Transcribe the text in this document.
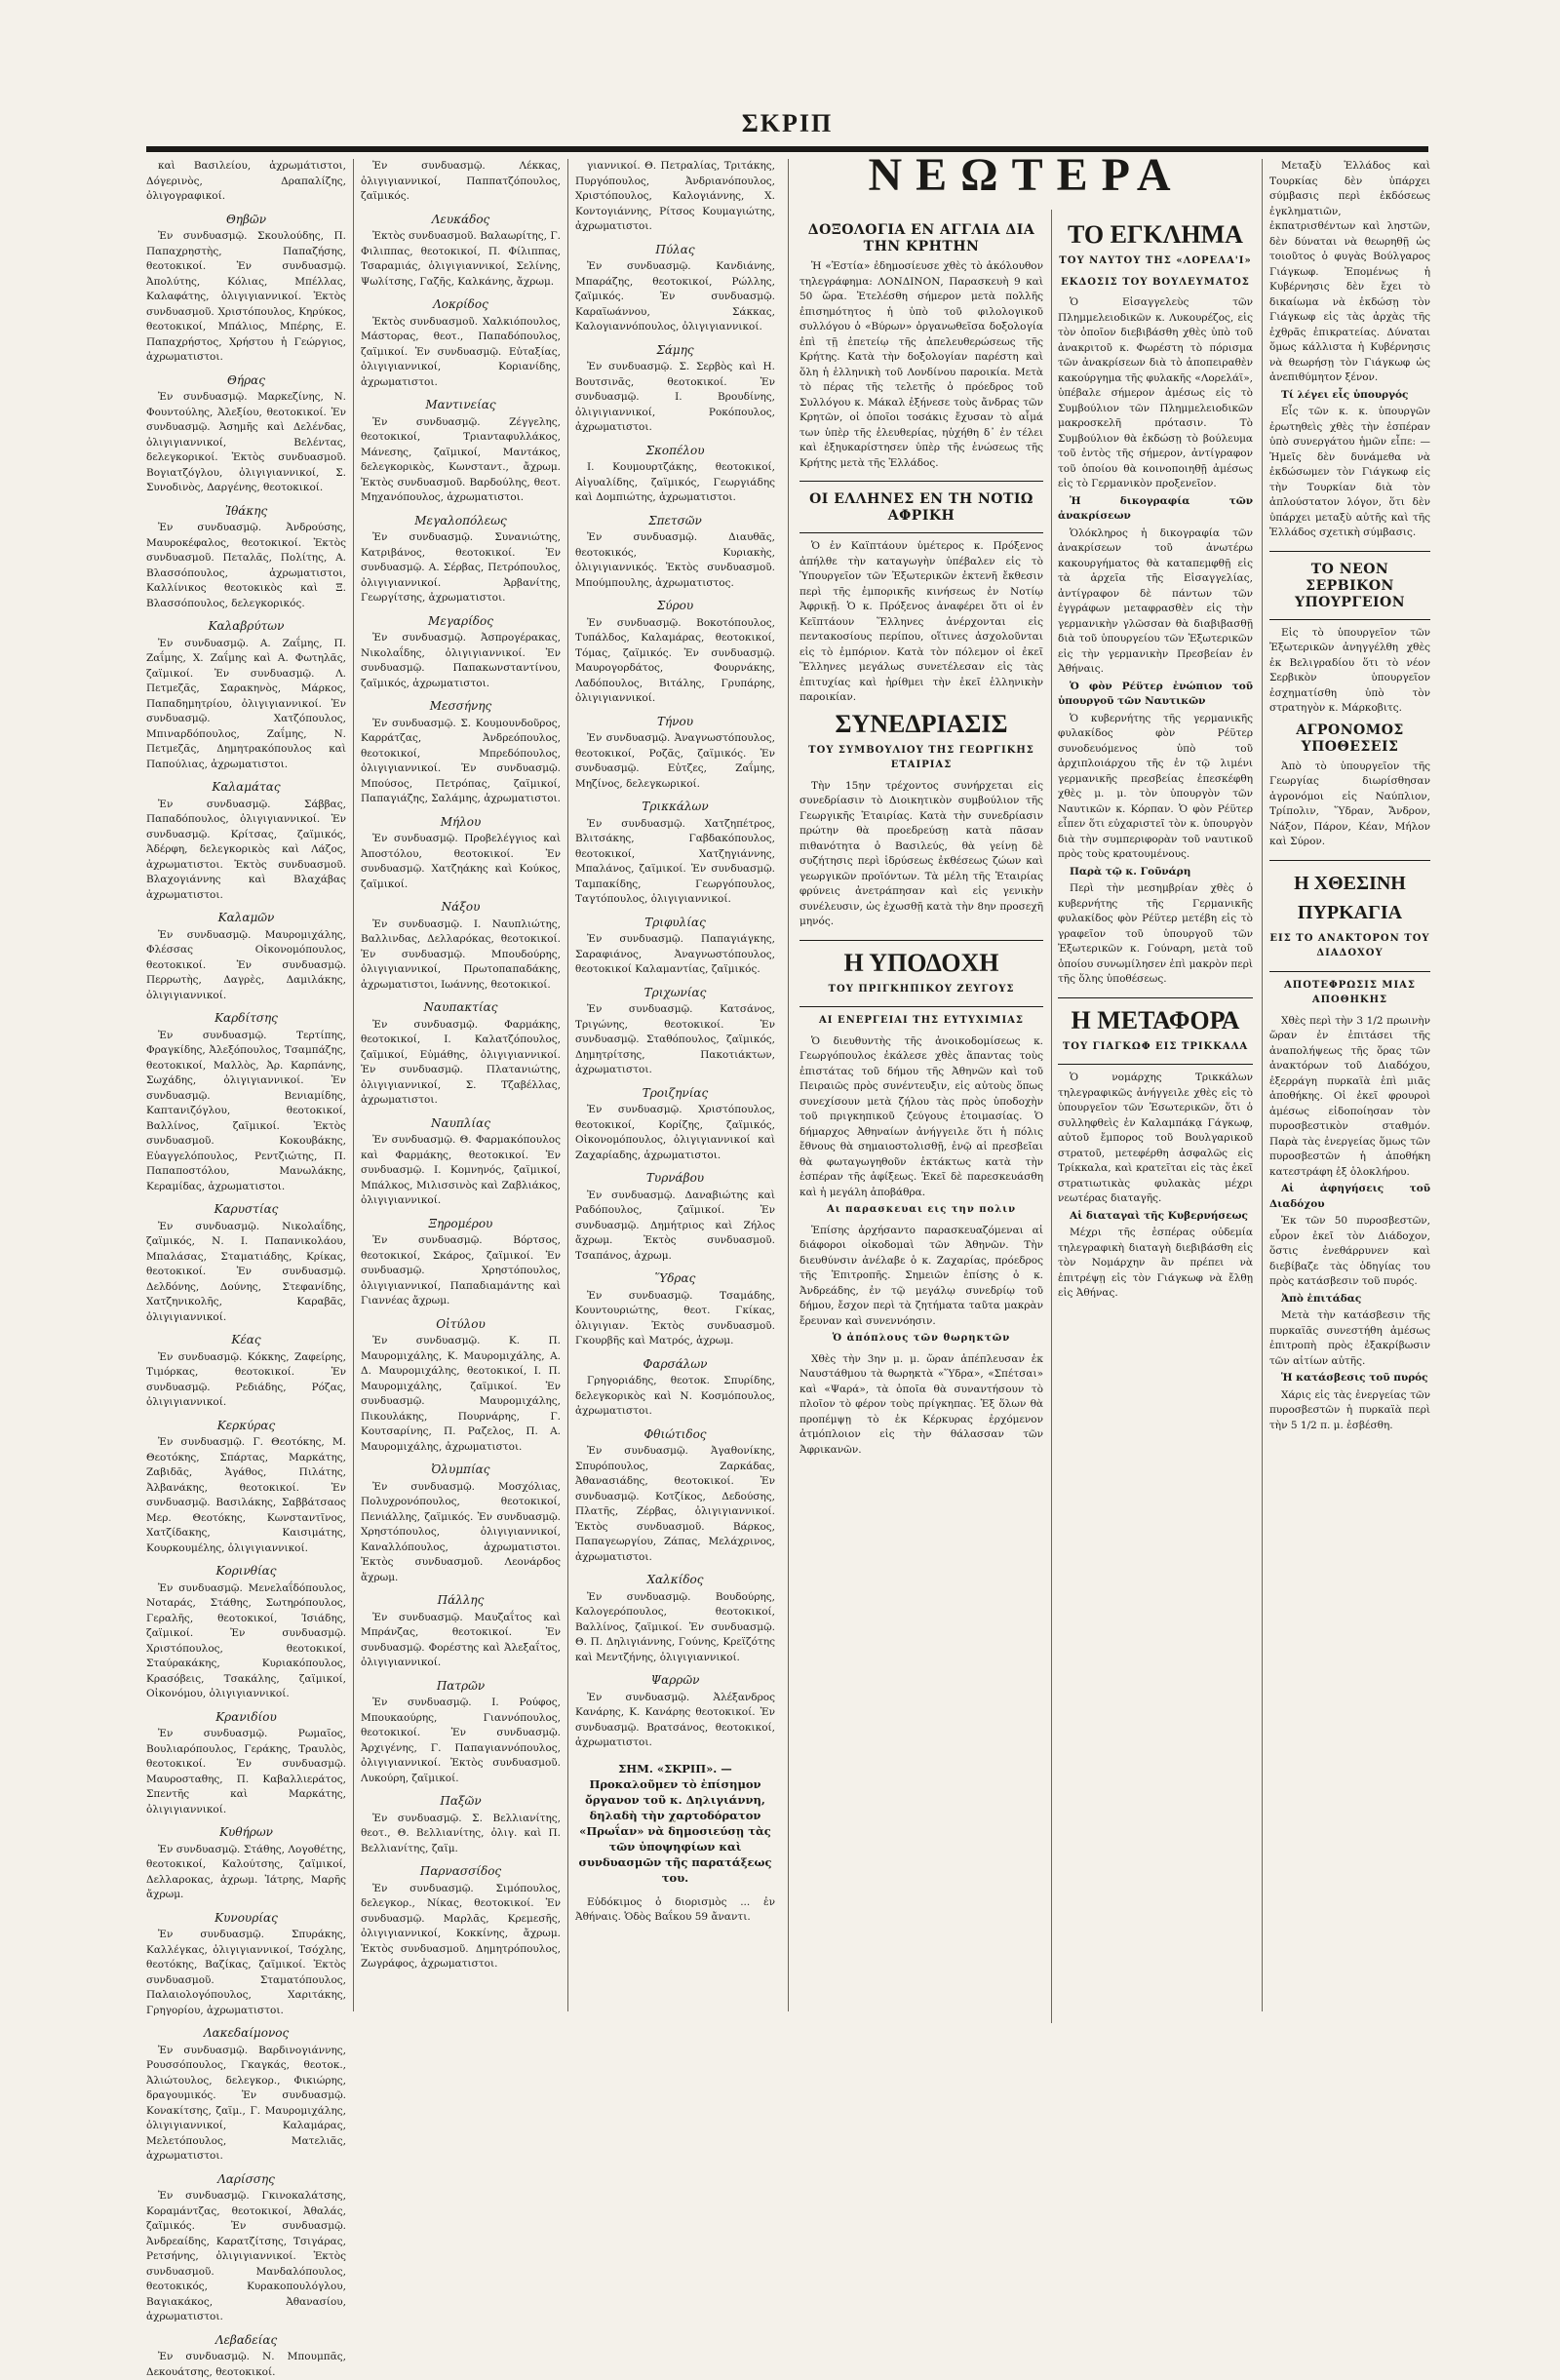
ΣΚΡΙΠ
καὶ Βασιλείου, ἀχρωμάτιστοι, Δόγερινὸς, Δραπαλίζης, ὀλιγογραφικοί.
Θηβῶν
Ἐν συνδυασμῷ. Σκουλούδης, Π. Παπαχρηστὴς, Παπαζήσης, θεοτοκικοί. Ἐν συνδυασμῷ. Ἀπολύτης, Κόλιας, Μπέλλας, Καλαφάτης, ὀλιγιγιαννικοί. Ἐκτὸς συνδυασμοῦ. Χριστόπουλος, Κηρύκος, θεοτοκικοί, Μπάλιος, Μπέρης, Ε. Παπαχρήστος, Χρήστου ἡ Γεώργιος, ἀχρωματιστοι.
Θήρας
Ἐν συνδυασμῷ. Μαρκεζίνης, Ν. Φουντούλης, Ἀλεξίου, θεοτοκικοί. Ἐν συνδυασμῷ. Ἀσημῆς καὶ Δελένδας, ὀλιγιγιαννικοί, Βελέντας, δελεγκορικοί. Ἐκτὸς συνδυασμοῦ. Βογιατζόγλου, ὀλιγιγιαννικοί, Σ. Συνοδινὸς, Δαργένης, θεοτοκικοί.
Ἰθάκης
Ἐν συνδυασμῷ. Ἀνδρούσης, Μαυροκέφαλος, θεοτοκικοί. Ἐκτὸς συνδυασμοῦ. Πεταλᾶς, Πολίτης, Α. Βλασσόπουλος, ἀχρωματιστοι, Καλλίνικος θεοτοκικὸς καὶ Ξ. Βλασσόπουλος, δελεγκορικός.
Καλαβρύτων
Ἐν συνδυασμῷ. Α. Ζαΐμης, Π. Ζαΐμης, Χ. Ζαΐμης καὶ Α. Φωτηλᾶς, ζαϊμικοί. Ἐν συνδυασμῷ. Λ. Πετμεζᾶς, Σαρακηνὸς, Μάρκος, Παπαδημητρίου, ὀλιγιγιαννικοί. Ἐν συνδυασμῷ. Χατζόπουλος, Μπιναρδόπουλος, Ζαΐμης, Ν. Πετμεζᾶς, Δημητρακόπουλος καὶ Παπούλιας, ἀχρωματιστοι.
Καλαμάτας
Ἐν συνδυασμῷ. Σάββας, Παπαδόπουλος, ὀλιγιγιαννικοί. Ἐν συνδυασμῷ. Κρίτσας, ζαϊμικός, Ἀδέρφη, δελεγκορικὸς καὶ Λάζος, ἀχρωματιστοι. Ἐκτὸς συνδυασμοῦ. Βλαχογιάννης καὶ Βλαχάβας ἀχρωματιστοι.
Καλαμῶν
Ἐν συνδυασμῷ. Μαυρομιχάλης, Φλέσσας Οἰκονομόπουλος, θεοτοκικοί. Ἐν συνδυασμῷ. Περρωτὴς, Δαγρὲς, Δαμιλάκης, ὀλιγιγιαννικοί.
Καρδίτσης
Ἐν συνδυασμῷ. Τερτίπης, Φραγκίδης, Ἀλεξόπουλος, Τσαμπάζης, θεοτοκικοί, Μαλλὸς, Ἀρ. Καρπάνης, Σωχάδης, ὀλιγιγιαννικοί. Ἐν συνδυασμῷ. Βενιαμίδης, Καπτανιζόγλου, θεοτοκικοί, Βαλλίνος, ζαϊμικοί. Ἐκτὸς συνδυασμοῦ. Κοκουβάκης, Εὐαγγελόπουλος, Ρεντζιώτης, Π. Παπαποστόλου, Μανωλάκης, Κεραμίδας, ἀχρωματιστοι.
Καρυστίας
Ἐν συνδυασμῷ. Νικολαΐδης, ζαϊμικός, Ν. Ι. Παπανικολάου, Μπαλάσας, Σταματιάδης, Κρίκας, θεοτοκικοί. Ἐν συνδυασμῷ. Δελδόνης, Δούνης, Στεφανίδης, Χατζηνικολῆς, Καραβᾶς, ὀλιγιγιαννικοί.
Κέας
Ἐν συνδυασμῷ. Κόκκης, Ζαφείρης, Τιμόρκας, θεοτοκικοί. Ἐν συνδυασμῷ. Ρεδιάδης, Ρόζας, ὀλιγιγιαννικοί.
Κερκύρας
Ἐν συνδυασμῷ. Γ. Θεοτόκης, Μ. Θεοτόκης, Σπάρτας, Μαρκάτης, Ζαβιδᾶς, Ἀγάθος, Πιλάτης, Ἀλβανάκης, θεοτοκικοί. Ἐν συνδυασμῷ. Βασιλάκης, Σαββάτσαος Μερ. Θεοτόκης, Κωνσταντῖνος, Χατζίδακης, Καισιμάτης, Κουρκουμέλης, ὀλιγιγιαννικοί.
Κορινθίας
Ἐν συνδυασμῷ. Μενελαΐδόπουλος, Νοταράς, Στάθης, Σωτηρόπουλος, Γεραλῆς, θεοτοκικοί, Ἰσιάδης, ζαϊμικοί. Ἐν συνδυασμῷ. Χριστόπουλος, θεοτοκικοί, Σταύρακάκης, Κυριακόπουλος, Κρασόβεις, Τσακάλης, ζαϊμικοί, Οἰκονόμου, ὀλιγιγιαννικοί.
Κρανιδίου
Ἐν συνδυασμῷ. Ρωμαῖος, Βουλιαρόπουλος, Γεράκης, Τραυλὸς, θεοτοκικοί. Ἐν συνδυασμῷ. Μαυροσταθης, Π. Καβαλλιεράτος, Σπεντῆς καὶ Μαρκάτης, ὀλιγιγιαννικοί.
Κυθήρων
Ἐν συνδυασμῷ. Στάθης, Λογοθέτης, θεοτοκικοί, Καλούτσης, ζαϊμικοί, Δελλαροκας, ἀχρωμ. Ἰάτρης, Μαρῆς ἄχρωμ.
Κυνουρίας
Ἐν συνδυασμῷ. Σπυράκης, Καλλέγκας, ὀλιγιγιαννικοί, Τσόχλης, θεοτόκης, Βαζίκας, ζαϊμικοί. Ἐκτὸς συνδυασμοῦ. Σταματόπουλος, Παλαιολογόπουλος, Χαριτάκης, Γρηγορίου, ἀχρωματιστοι.
Λακεδαίμονος
Ἐν συνδυασμῷ. Βαρδινογιάννης, Ρουσσόπουλος, Γκαγκάς, θεοτοκ., Ἀλιώτουλος, δελεγκορ., Φικιώρης, δραγουμικός. Ἐν συνδυασμῷ. Κονακίτσης, ζαϊμ., Γ. Μαυρομιχάλης, ὀλιγιγιαννικοί, Καλαμάρας, Μελετόπουλος, Ματελιᾶς, ἀχρωματιστοι.
Λαρίσσης
Ἐν συνδυασμῷ. Γκινοκαλάτσης, Κοραμάντζας, θεοτοκικοί, Ἀθαλάς, ζαϊμικός. Ἐν συνδυασμῷ. Ἀνδρεαίδης, Καρατζίτσης, Τσιγάρας, Ρετσήνης, ὀλιγιγιαννικοί. Ἐκτὸς συνδυασμοῦ. Μανδαλόπουλος, θεοτοκικός, Κυρακοπουλόγλου, Βαγιακάκος, Ἀθανασίου, ἀχρωματιστοι.
Λεβαδείας
Ἐν συνδυασμῷ. Ν. Μπουμπᾶς, Δεκουάτσης, θεοτοκικοί.
Ἐν συνδυασμῷ. Λέκκας, ὀλιγιγιαννικοί, Παππατζόπουλος, ζαϊμικός.
Λευκάδος
Ἐκτὸς συνδυασμοῦ. Βαλαωρίτης, Γ. Φιλιππας, θεοτοκικοί, Π. Φίλιππας, Τσαραμιάς, ὀλιγιγιαννικοί, Σελίνης, Ψωλίτσης, Γαζῆς, Καλκάνης, ἄχρωμ.
Λοκρίδος
Ἐκτὸς συνδυασμοῦ. Χαλκιόπουλος, Μάστορας, θεοτ., Παπαδόπουλος, ζαϊμικοί. Ἐν συνδυασμῷ. Εὐταξίας, ὀλιγιγιαννικοί, Κοριανίδης, ἀχρωματιστοι.
Μαντινείας
Ἐν συνδυασμῷ. Ζέγγελης, θεοτοκικοί, Τριανταφυλλάκος, Μάνεσης, ζαϊμικοί, Μαντάκος, δελεγκορικὸς, Κωνσταντ., ἄχρωμ. Ἐκτὸς συνδυασμοῦ. Βαρδούλης, θεοτ. Μηχανόπουλος, ἀχρωματιστοι.
Μεγαλοπόλεως
Ἐν συνδυασμῷ. Συνανιώτης, Κατριβάνος, θεοτοκικοί. Ἐν συνδυασμῷ. Α. Σέρβας, Πετρόπουλος, ὀλιγιγιαννικοί. Ἀρβανίτης, Γεωργίτσης, ἀχρωματιστοι.
Μεγαρίδος
Ἐν συνδυασμῷ. Ἀσπρογέρακας, Νικολαΐδης, ὀλιγιγιαννικοί. Ἐν συνδυασμῷ. Παπακωνσταντίνου, ζαϊμικός, ἀχρωματιστοι.
Μεσσήνης
Ἐν συνδυασμῷ. Σ. Κουμουνδοῦρος, Καρράτζας, Ἀνδρεόπουλος, θεοτοκικοί, Μπρεδόπουλος, ὀλιγιγιαννικοί. Ἐν συνδυασμῷ. Μπούσος, Πετρόπας, ζαϊμικοί, Παπαγιάζης, Σαλάμης, ἀχρωματιστοι.
Μήλου
Ἐν συνδυασμῷ. Προβελέγγιος καὶ Ἀποστόλου, θεοτοκικοί. Ἐν συνδυασμῷ. Χατζηάκης καὶ Κούκος, ζαϊμικοί.
Νάξου
Ἐν συνδυασμῷ. Ι. Ναυπλιώτης, Βαλλινδας, Δελλαρόκας, θεοτοκικοί. Ἐν συνδυασμῷ. Μπουδούρης, ὀλιγιγιαννικοί, Πρωτοπαπαδάκης, ἀχρωματιστοι, Ιωάννης, θεοτοκικοί.
Ναυπακτίας
Ἐν συνδυασμῷ. Φαρμάκης, θεοτοκικοί, Ι. Καλατζόπουλος, ζαϊμικοί, Εὐμάθης, ὀλιγιγιαννικοί. Ἐν συνδυασμῷ. Πλατανιώτης, ὀλιγιγιαννικοί, Σ. Τζαβέλλας, ἀχρωματιστοι.
Ναυπλίας
Ἐν συνδυασμῷ. Θ. Φαρμακόπουλος καὶ Φαρμάκης, θεοτοκικοί. Ἐν συνδυασμῷ. Ι. Κομνηνός, ζαϊμικοί, Μπάλκος, Μιλισσινὸς καὶ Ζαβλιάκος, ὀλιγιγιαννικοί.
Ξηρομέρου
Ἐν συνδυασμῷ. Βόρτσος, θεοτοκικοί, Σκάρος, ζαϊμικοί. Ἐν συνδυασμῷ. Χρηστόπουλος, ὀλιγιγιαννικοί, Παπαδιαμάντης καὶ Γιαννέας ἄχρωμ.
Οἰτύλου
Ἐν συνδυασμῷ. Κ. Π. Μαυρομιχάλης, Κ. Μαυρομιχάλης, Α. Δ. Μαυρομιχάλης, θεοτοκικοί, Ι. Π. Μαυρομιχάλης, ζαϊμικοί. Ἐν συνδυασμῷ. Μαυρομιχάλης, Πικουλάκης, Πουρνάρης, Γ. Κουτσαρίνης, Π. Ραζελος, Π. Α. Μαυρομιχάλης, ἀχρωματιστοι.
Ὀλυμπίας
Ἐν συνδυασμῷ. Μοσχόλιας, Πολυχρονόπουλος, θεοτοκικοί, Πενιάλλης, ζαϊμικός. Ἐν συνδυασμῷ. Χρηστόπουλος, ὀλιγιγιαννικοί, Καναλλόπουλος, ἀχρωματιστοι. Ἐκτὸς συνδυασμοῦ. Λεονάρδος ἄχρωμ.
Πάλλης
Ἐν συνδυασμῷ. Μαυζαΐτος καὶ Μπράνζας, θεοτοκικοί. Ἐν συνδυασμῷ. Φορέστης καὶ Ἀλεξαΐτος, ὀλιγιγιαννικοί.
Πατρῶν
Ἐν συνδυασμῷ. Ι. Ρούφος, Μπουκαούρης, Γιαννόπουλος, θεοτοκικοί. Ἐν συνδυασμῷ. Ἀρχιγένης, Γ. Παπαγιαννόπουλος, ὀλιγιγιαννικοί. Ἐκτὸς συνδυασμοῦ. Λυκούρη, ζαϊμικοί.
Παξῶν
Ἐν συνδυασμῷ. Σ. Βελλιανίτης, θεοτ., Θ. Βελλιανίτης, ὀλιγ. καὶ Π. Βελλιανίτης, ζαϊμ.
Παρνασσίδος
Ἐν συνδυασμῷ. Σιμόπουλος, δελεγκορ., Νίκας, θεοτοκικοί. Ἐν συνδυασμῷ. Μαρλᾶς, Κρεμεσῆς, ὀλιγιγιαννικοί, Κοκκίνης, ἄχρωμ. Ἐκτὸς συνδυασμοῦ. Δημητρόπουλος, Ζωγράφος, ἀχρωματιστοι.
γιαννικοί. Θ. Πετραλίας, Τριτάκης, Πυργόπουλος, Ἀνδριανόπουλος, Χριστόπουλος, Καλογιάννης, Χ. Κοντογιάννης, Ρίτσος Κουμαγιώτης, ἀχρωματιστοι.
Πύλας
Ἐν συνδυασμῷ. Κανδιάνης, Μπαράζης, θεοτοκικοί, Ρώλλης, ζαϊμικός. Ἐν συνδυασμῷ. Καραϊωάννου, Σάκκας, Καλογιαννόπουλος, ὀλιγιγιαννικοί.
Σάμης
Ἐν συνδυασμῷ. Σ. Σερβὸς καὶ Η. Βουτσινᾶς, θεοτοκικοί. Ἐν συνδυασμῷ. Ι. Βρουδίνης, ὀλιγιγιαννικοί, Ροκόπουλος, ἀχρωματιστοι.
Σκοπέλου
Ι. Κουμουρτζάκης, θεοτοκικοί, Αἰγυαλίδης, ζαϊμικός, Γεωργιάδης καὶ Δομπιώτης, ἀχρωματιστοι.
Σπετσῶν
Ἐν συνδυασμῷ. Διαυθᾶς, θεοτοκικός, Κυριακὴς, ὀλιγιγιαννικός. Ἐκτὸς συνδυασμοῦ. Μπούμπουλης, ἀχρωματιστος.
Σύρου
Ἐν συνδυασμῷ. Βοκοτόπουλος, Τυπάλδος, Καλαμάρας, θεοτοκικοί, Τόμας, ζαϊμικός. Ἐν συνδυασμῷ. Μαυρογορδάτος, Φουρνάκης, Λαδόπουλος, Βιτάλης, Γρυπάρης, ὀλιγιγιαννικοί.
Τήνου
Ἐν συνδυασμῷ. Ἀναγνωστόπουλος, θεοτοκικοί, Ροζᾶς, ζαϊμικός. Ἐν συνδυασμῷ. Εὐτζες, Ζαΐμης, Μηζίνος, δελεγκωρικοί.
Τρικκάλων
Ἐν συνδυασμῷ. Χατζηπέτρος, Βλιτσάκης, Γαβδακόπουλος, θεοτοκικοί, Χατζηγιάννης, Μπαλάνος, ζαϊμικοί. Ἐν συνδυασμῷ. Ταμπακίδης, Γεωργόπουλος, Ταγτόπουλος, ὀλιγιγιαννικοί.
Τριφυλίας
Ἐν συνδυασμῷ. Παπαγιάγκης, Σαραφιάνος, Ἀναγνωστόπουλος, θεοτοκικοί Καλαμαντίας, ζαϊμικός.
Τριχωνίας
Ἐν συνδυασμῷ. Κατσάνος, Τριγώνης, θεοτοκικοί. Ἐν συνδυασμῷ. Σταθόπουλος, ζαϊμικός, Δημητρίτσης, Πακοτιάκτων, ἀχρωματιστοι.
Τροιζηνίας
Ἐν συνδυασμῷ. Χριστόπουλος, θεοτοκικοί, Κορίζης, ζαϊμικός, Οἰκονομόπουλος, ὀλιγιγιαννικοί καὶ Ζαχαρίαδης, ἀχρωματιστοι.
Τυρνάβου
Ἐν συνδυασμῷ. Δαναβιώτης καὶ Ραδόπουλος, ζαϊμικοί. Ἐν συνδυασμῷ. Δημήτριος καὶ Ζήλος ἄχρωμ. Ἐκτὸς συνδυασμοῦ. Τσαπάνος, ἀχρωμ.
Ὕδρας
Ἐν συνδυασμῷ. Τσαμάδης, Κουντουριώτης, θεοτ. Γκίκας, ὀλιγιγιαν. Ἐκτὸς συνδυασμοῦ. Γκουρβῆς καὶ Ματρός, ἀχρωμ.
Φαρσάλων
Γρηγοριάδης, θεοτοκ. Σπυρίδης, δελεγκορικὸς καὶ Ν. Κοσμόπουλος, ἀχρωματιστοι.
Φθιώτιδος
Ἐν συνδυασμῷ. Ἀγαθονίκης, Σπυρόπουλος, Ζαρκάδας, Ἀθανασιάδης, θεοτοκικοί. Ἐν συνδυασμῷ. Κοτζίκος, Δεδούσης, Πλατῆς, Ζέρβας, ὀλιγιγιαννικοί. Ἐκτὸς συνδυασμοῦ. Βάρκος, Παπαγεωργίου, Ζάπας, Μελάχρινος, ἀχρωματιστοι.
Χαλκίδος
Ἐν συνδυασμῷ. Βουδούρης, Καλογερόπουλος, θεοτοκικοί, Βαλλίνος, ζαϊμικοί. Ἐν συνδυασμῷ. Θ. Π. Δηλιγιάννης, Γούνης, Κρεϊζότης καὶ Μεντζήνης, ὀλιγιγιαννικοί.
Ψαρρῶν
Ἐν συνδυασμῷ. Ἀλέξανδρος Κανάρης, Κ. Κανάρης θεοτοκικοί. Ἐν συνδυασμῷ. Βρατσάνος, θεοτοκικοί, ἀχρωματιστοι.
ΣΗΜ. «ΣΚΡΙΠ». — Προκαλοῦμεν τὸ ἐπίσημον ὄργανον τοῦ κ. Δηλιγιάννη, δηλαδὴ τὴν χαρτοδόρατον «Πρωΐαν» νὰ δημοσιεύσῃ τὰς τῶν ὑποψηφίων καὶ συνδυασμῶν τῆς παρατάξεως του.
Εὐδόκιμος ὁ διορισμὸς ... ἐν Ἀθήναις. Ὁδὸς Βαΐκου 59 ἄναντι.
ΝΕΩΤΕΡΑ
ΔΟΞΟΛΟΓΙΑ ΕΝ ΑΓΓΛΙΑ ΔΙΑ ΤΗΝ ΚΡΗΤΗΝ
Ἡ «Ἑστία» ἐδημοσίευσε χθὲς τὸ ἀκόλουθον τηλεγράφημα: ΛΟΝΔΙΝΟΝ, Παρασκευὴ 9 καὶ 50 ὥρα. Ἐτελέσθη σήμερον μετὰ πολλῆς ἐπισημότητος ἡ ὑπὸ τοῦ φιλολογικοῦ συλλόγου ὁ «Βύρων» ὀργανωθεῖσα δοξολογία ἐπὶ τῇ ἐπετείῳ τῆς ἀπελευθερώσεως τῆς Κρήτης. Κατὰ τὴν δοξολογίαν παρέστη καὶ ὅλη ἡ ἑλληνικὴ τοῦ Λονδίνου παροικία. Μετὰ τὸ πέρας τῆς τελετῆς ὁ πρόεδρος τοῦ Συλλόγου κ. Μάκαλ ἐξήνεσε τοὺς ἄνδρας τῶν Κρητῶν, οἱ ὁποῖοι τοσάκις ἔχυσαν τὸ αἷμά των ὑπὲρ τῆς ἐλευθερίας, ηὐχήθη δ᾽ ἐν τέλει καὶ ἐξηυκαρίστησεν ὑπὲρ τῆς ἑνώσεως τῆς Κρήτης μετὰ τῆς Ἑλλάδος.
ΟΙ ΕΛΛΗΝΕΣ ΕΝ ΤΗ ΝΟΤΙΩ ΑΦΡΙΚΗ
Ὁ ἐν Καϊπτάουν ὑμέτερος κ. Πρόξενος ἀπήλθε τὴν καταγωγὴν ὑπέβαλεν εἰς τὸ Ὑπουργεῖον τῶν Ἐξωτερικῶν ἐκτενῆ ἔκθεσιν περὶ τῆς ἐμπορικῆς κινήσεως ἐν Νοτίῳ Ἀφρικῇ. Ὁ κ. Πρόξενος ἀναφέρει ὅτι οἱ ἐν Κεϊπτάουν Ἕλληνες ἀνέρχονται εἰς πεντακοσίους περίπου, οἵτινες ἀσχολοῦνται εἰς τὸ ἐμπόριον. Κατὰ τὸν πόλεμον οἱ ἐκεῖ Ἕλληνες μεγάλως συνετέλεσαν εἰς τὰς ἐπιτυχίας καὶ ἠρίθμει τὴν ἐκεῖ ἑλληνικὴν παροικίαν.
ΣΥΝΕΔΡΙΑΣΙΣ
ΤΟΥ ΣΥΜΒΟΥΛΙΟΥ ΤΗΣ ΓΕΩΡΓΙΚΗΣ ΕΤΑΙΡΙΑΣ
Τὴν 15ην τρέχοντος συνήρχεται εἰς συνεδρίασιν τὸ Διοικητικὸν συμβούλιον τῆς Γεωργικῆς Ἑταιρίας. Κατὰ τὴν συνεδρίασιν πρώτην θὰ προεδρεύσῃ κατὰ πᾶσαν πιθανότητα ὁ Βασιλεύς, θὰ γείνῃ δὲ συζήτησις περὶ ἱδρύσεως ἐκθέσεως ζώων καὶ γεωργικῶν προϊόντων. Τὰ μέλη τῆς Ἑταιρίας φρύνεις ἀνετράπησαν καὶ εἰς γενικὴν συνέλευσιν, ὡς ἐχωσθῇ κατὰ τὴν 8ην προσεχῆ μηνός.
Η ΥΠΟΔΟΧΗ
ΤΟΥ ΠΡΙΓΚΗΠΙΚΟΥ ΖΕΥΓΟΥΣ
ΑΙ ΕΝΕΡΓΕΙΑΙ ΤΗΣ ΕΥΤΥΧΙΜΙΑΣ
Ὁ διευθυντὴς τῆς ἀνοικοδομίσεως κ. Γεωργόπουλος ἐκάλεσε χθὲς ἅπαντας τοὺς ἐπιστάτας τοῦ δήμου τῆς Ἀθηνῶν καὶ τοῦ Πειραιῶς πρὸς συνέντευξιν, εἰς αὐτοὺς ὅπως συνεχίσουν μετὰ ζήλου τὰς πρὸς ὑποδοχὴν τοῦ πριγκηπικοῦ ζεύγους ἐτοιμασίας. Ὁ δήμαρχος Ἀθηναίων ἀνήγγειλε ὅτι ἡ πόλις ἔθνους θὰ σημαιοστολισθῇ, ἐνῷ αἱ πρεσβεῖαι θὰ φωταγωγηθοῦν ἐκτάκτως κατὰ τὴν ἑσπέραν τῆς ἀφίξεως. Ἐκεῖ δὲ παρεσκευάσθη καὶ ἡ μεγάλη ἀποβάθρα.
Αι παρασκευαι εις την πολιν
Ἐπίσης ἀρχήσαντο παρασκευαζόμεναι αἱ διάφοροι οἰκοδομαὶ τῶν Ἀθηνῶν. Τὴν διευθύνσιν ἀνέλαβε ὁ κ. Ζαχαρίας, πρόεδρος τῆς Ἐπιτροπῆς. Σημειῶν ἐπίσης ὁ κ. Ἀνδρεάδης, ἐν τῷ μεγάλῳ συνεδρίῳ τοῦ δήμου, ἔσχον περὶ τὰ ζητήματα ταῦτα μακρὰν ἔρευναν καὶ συνεννόησιν.
Ὁ ἀπόπλους τῶν θωρηκτῶν
Χθὲς τὴν 3ην μ. μ. ὥραν ἀπέπλευσαν ἐκ Ναυστάθμου τὰ θωρηκτὰ «Ὕδρα», «Σπέτσαι» καὶ «Ψαρά», τὰ ὁποῖα θὰ συναντήσουν τὸ πλοῖον τὸ φέρον τοὺς πρίγκηπας. Ἐξ ὅλων θὰ προπέμψῃ τὸ ἐκ Κέρκυρας ἐρχόμενον ἀτμόπλοιον εἰς τὴν θάλασσαν τῶν Ἀφρικανῶν.
ΤΟ ΕΓΚΛΗΜΑ
ΤΟΥ ΝΑΥΤΟΥ ΤΗΣ «ΛΟΡΕΛΑ'Ι»
ΕΚΔΟΣΙΣ ΤΟΥ ΒΟΥΛΕΥΜΑΤΟΣ
Ὁ Εἰσαγγελεὺς τῶν Πλημμελειοδικῶν κ. Λυκουρέζος, εἰς τὸν ὁποῖον διεβιβάσθη χθὲς ὑπὸ τοῦ ἀνακριτοῦ κ. Φωρέστη τὸ πόρισμα τῶν ἀνακρίσεων διὰ τὸ ἀποπειραθὲν κακούργημα τῆς φυλακῆς «Λορελάϊ», ὑπέβαλε σήμερον ἀμέσως εἰς τὸ Συμβούλιον τῶν Πλημμελειοδικῶν μακροσκελῆ πρότασιν. Τὸ Συμβούλιον θὰ ἐκδώσῃ τὸ βούλευμα τοῦ ἐντὸς τῆς σήμερον, ἀντίγραφον τοῦ ὁποίου θὰ κοινοποιηθῇ ἀμέσως εἰς τὸ Γερμανικὸν προξενεῖον.
Ἡ δικογραφία τῶν ἀνακρίσεων
Ὁλόκληρος ἡ δικογραφία τῶν ἀνακρίσεων τοῦ ἀνωτέρω κακουργήματος θὰ καταπεμφθῇ εἰς τὰ ἀρχεῖα τῆς Εἰσαγγελίας, ἀντίγραφον δὲ πάντων τῶν ἐγγράφων μεταφρασθὲν εἰς τὴν γερμανικὴν γλῶσσαν θὰ διαβιβασθῇ διὰ τοῦ ὑπουργείου τῶν Ἐξωτερικῶν εἰς τὴν γερμανικὴν Πρεσβείαν ἐν Ἀθήναις.
Ὁ φὸν Ρέϋτερ ἐνώπιον τοῦ ὑπουργοῦ τῶν Ναυτικῶν
Ὁ κυβερνήτης τῆς γερμανικῆς φυλακίδος φὸν Ρέϋτερ συνοδευόμενος ὑπὸ τοῦ ἀρχιπλοιάρχου τῆς ἐν τῷ λιμένι γερμανικῆς πρεσβείας ἐπεσκέφθη χθὲς μ. μ. τὸν ὑπουργὸν τῶν Ναυτικῶν κ. Κόρπαν. Ὁ φὸν Ρέϋτερ εἶπεν ὅτι εὐχαριστεῖ τὸν κ. ὑπουργὸν διὰ τὴν συμπεριφορὰν τοῦ ναυτικοῦ πρὸς τοὺς κρατουμένους.
Παρὰ τῷ κ. Γοῦνάρη
Περὶ τὴν μεσημβρίαν χθὲς ὁ κυβερνήτης τῆς Γερμανικῆς φυλακίδος φὸν Ρέϋτερ μετέβη εἰς τὸ γραφεῖον τοῦ ὑπουργοῦ τῶν Ἐξωτερικῶν κ. Γούναρη, μετὰ τοῦ ὁποίου συνωμίλησεν ἐπὶ μακρὸν περὶ τῆς ὅλης ὑποθέσεως.
Η ΜΕΤΑΦΟΡΑ
ΤΟΥ ΓΙΑΓΚΩΦ ΕΙΣ ΤΡΙΚΚΑΛΑ
Ὁ νομάρχης Τρικκάλων τηλεγραφικῶς ἀνήγγειλε χθὲς εἰς τὸ ὑπουργεῖον τῶν Ἐσωτερικῶν, ὅτι ὁ συλληφθεὶς ἐν Καλαμπάκᾳ Γάγκωφ, αὐτοῦ ἔμπορος τοῦ Βουλγαρικοῦ στρατοῦ, μετεφέρθη ἀσφαλῶς εἰς Τρίκκαλα, καὶ κρατεῖται εἰς τὰς ἐκεῖ στρατιωτικὰς φυλακὰς μέχρι νεωτέρας διαταγῆς.
Αἱ διαταγαὶ τῆς Κυβερνήσεως
Μέχρι τῆς ἑσπέρας οὐδεμία τηλεγραφικὴ διαταγὴ διεβιβάσθη εἰς τὸν Νομάρχην ἂν πρέπει νὰ ἐπιτρέψῃ εἰς τὸν Γιάγκωφ νὰ ἔλθῃ εἰς Ἀθήνας.
Μεταξὺ Ἑλλάδος καὶ Τουρκίας δὲν ὑπάρχει σύμβασις περὶ ἐκδόσεως ἐγκληματιῶν, ἐκπατρισθέντων καὶ ληστῶν, δὲν δύναται νὰ θεωρηθῇ ὡς τοιοῦτος ὁ φυγὰς Βούλγαρος Γιάγκωφ. Ἐπομένως ἡ Κυβέρνησις δὲν ἔχει τὸ δικαίωμα νὰ ἐκδώσῃ τὸν Γιάγκωφ εἰς τὰς ἀρχὰς τῆς ἐχθρᾶς ἐπικρατείας. Δύναται ὅμως κάλλιστα ἡ Κυβέρνησις νὰ θεωρήσῃ τὸν Γιάγκωφ ὡς ἀνεπιθύμητον ξένον.
Τί λέγει εἷς ὑπουργός
Εἷς τῶν κ. κ. ὑπουργῶν ἐρωτηθεὶς χθὲς τὴν ἑσπέραν ὑπὸ συνεργάτου ἡμῶν εἶπε: — Ἠμεῖς δὲν δυνάμεθα νὰ ἐκδώσωμεν τὸν Γιάγκωφ εἰς τὴν Τουρκίαν διὰ τὸν ἁπλούστατον λόγον, ὅτι δὲν ὑπάρχει μεταξὺ αὐτῆς καὶ τῆς Ἑλλάδος σχετικὴ σύμβασις.
ΤΟ ΝΕΟΝ ΣΕΡΒΙΚΟΝ ΥΠΟΥΡΓΕΙΟΝ
Εἰς τὸ ὑπουργεῖον τῶν Ἐξωτερικῶν ἀνηγγέλθη χθὲς ἐκ Βελιγραδίου ὅτι τὸ νέον Σερβικὸν ὑπουργεῖον ἐσχηματίσθη ὑπὸ τὸν στρατηγὸν κ. Μάρκοβιτς.
ΑΓΡΟΝΟΜΟΣ ΥΠΟΘΕΣΕΙΣ
Ἀπὸ τὸ ὑπουργεῖον τῆς Γεωργίας διωρίσθησαν ἀγρονόμοι εἰς Ναύπλιον, Τρίπολιν, Ὕδραν, Ἄνδρον, Νάξον, Πάρον, Κέαν, Μήλον καὶ Σύρον.
Η ΧΘΕΣΙΝΗ ΠΥΡΚΑΓΙΑ
ΕΙΣ ΤΟ ΑΝΑΚΤΟΡΟΝ ΤΟΥ ΔΙΑΔΟΧΟΥ
ΑΠΟΤΕΦΡΩΣΙΣ ΜΙΑΣ ΑΠΟΘΗΚΗΣ
Χθὲς περὶ τὴν 3 1/2 πρωινὴν ὥραν ἐν ἐπιτάσει τῆς ἀναπολήψεως τῆς ὅρας τῶν ἀνακτόρων τοῦ Διαδόχου, ἐξερράγη πυρκαϊὰ ἐπὶ μιᾶς ἀποθήκης. Οἱ ἐκεῖ φρουροὶ ἀμέσως εἰδοποίησαν τὸν πυροσβεστικὸν σταθμόν. Παρὰ τὰς ἐνεργείας ὅμως τῶν πυροσβεστῶν ἡ ἀποθήκη κατεστράφη ἐξ ὁλοκλήρου.
Αἱ ἀφηγήσεις τοῦ Διαδόχου
Ἐκ τῶν 50 πυροσβεστῶν, εὗρον ἐκεῖ τὸν Διάδοχον, ὅστις ἐνεθάρρυνεν καὶ διεβίβαζε τὰς ὁδηγίας του πρὸς κατάσβεσιν τοῦ πυρός.
Ἀπὸ ἐπιτάδας
Μετὰ τὴν κατάσβεσιν τῆς πυρκαϊᾶς συνεστήθη ἀμέσως ἐπιτροπὴ πρὸς ἐξακρίβωσιν τῶν αἰτίων αὐτῆς.
Ἡ κατάσβεσις τοῦ πυρός
Χάρις εἰς τὰς ἐνεργείας τῶν πυροσβεστῶν ἡ πυρκαϊὰ περὶ τὴν 5 1/2 π. μ. ἐσβέσθη.
